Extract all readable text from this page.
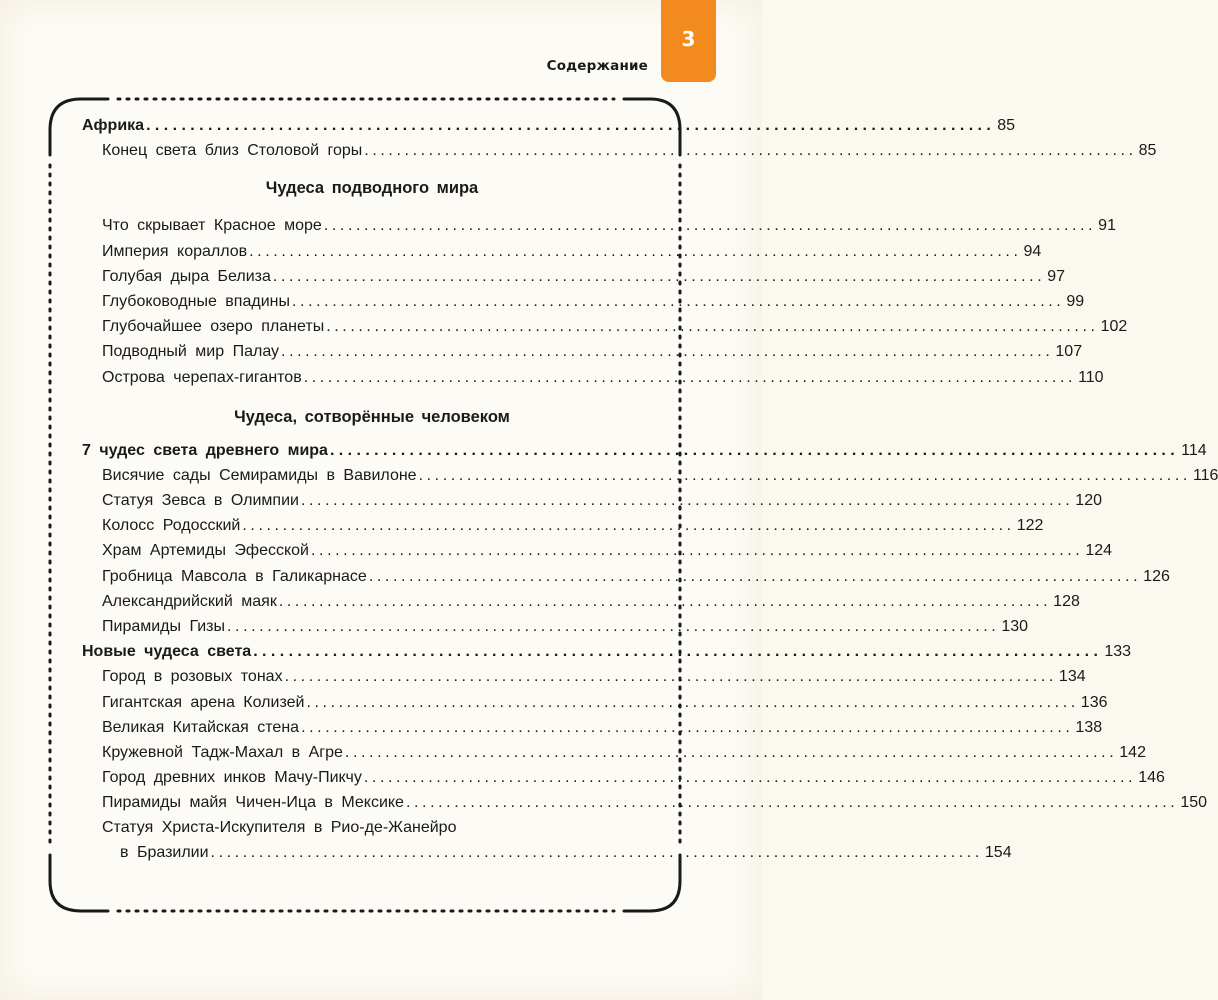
3
Содержание
Африка ................................................................................................ 85
Конец света близ Столовой горы ................................................................................................ 85
Чудеса подводного мира
Что скрывает Красное море ................................................................................................ 91
Империя кораллов ................................................................................................ 94
Голубая дыра Белиза ................................................................................................ 97
Глубоководные впадины ................................................................................................ 99
Глубочайшее озеро планеты ................................................................................................ 102
Подводный мир Палау ................................................................................................ 107
Острова черепах-гигантов ................................................................................................ 110
Чудеса, сотворённые человеком
7 чудес света древнего мира ................................................................................................ 114
Висячие сады Семирамиды в Вавилоне ................................................................................................ 116
Статуя Зевса в Олимпии ................................................................................................ 120
Колосс Родосский ................................................................................................ 122
Храм Артемиды Эфесской ................................................................................................ 124
Гробница Мавсола в Галикарнасе ................................................................................................ 126
Александрийский маяк ................................................................................................ 128
Пирамиды Гизы ................................................................................................ 130
Новые чудеса света ................................................................................................ 133
Город в розовых тонах ................................................................................................ 134
Гигантская арена Колизей ................................................................................................ 136
Великая Китайская стена ................................................................................................ 138
Кружевной Тадж-Махал в Агре ................................................................................................ 142
Город древних инков Мачу-Пикчу ................................................................................................ 146
Пирамиды майя Чичен-Ица в Мексике ................................................................................................ 150
Статуя Христа-Искупителя в Рио-де-Жанейро
в Бразилии ................................................................................................ 154
